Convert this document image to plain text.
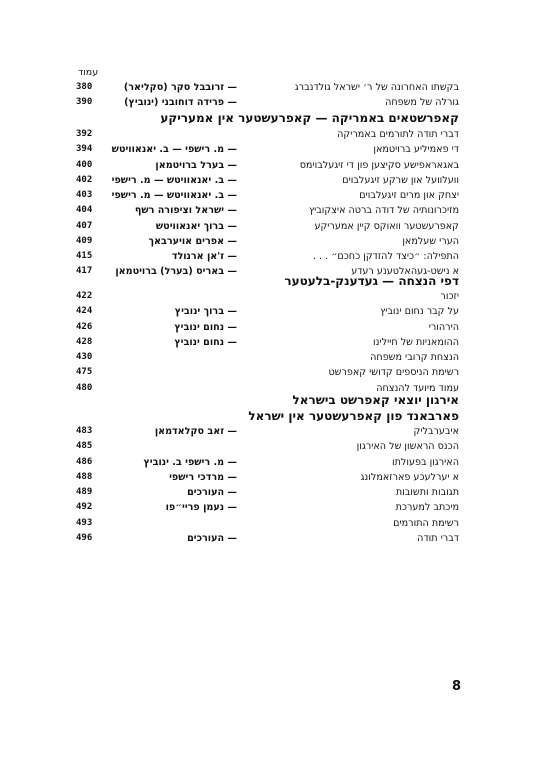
עמוד
בקשתו האחרונה של ר׳ ישראל גולדנברג
— זרובבל סקר (סקליאר)
380
גורלה של משפחה
— פרידה דוחובני (ינוביץ)
390
קאפרשטאים באמריקה — קאפרעשטער אין אמעריקע
דברי תודה לתורמים באמריקה
392
די פאמיליע ברויטמאן
— מ. רישפי — ב. יאנאוויטש
394
באגאראפישע סקיצען פון די זיגעלבוימס
— בערל ברויטמאן
400
וועלוועל און שרקע זיגעלבוים
— ב. יאנאוויטש — מ. רישפי
402
יצחק און מרים זיגעלבוים
— ב. יאנאוויטש — מ. רישפי
403
מזיכרונותיה של דודה ברטה איצקוביץ
— ישראל וציפורה רשף
404
קאפרעשטער וואוקס קיין אמעריקע
— ברוך יאנאוויטש
407
הערי שעלמאן
— אפרים אויערבאך
409
התפילה: ״כיצד להזדקן כחכם״ . . .
— ז'אן ארנולד
415
א נישט-געהאלטענע רעדע
— באריס (בערל) ברויטמאן
417
דפי הנצחה — געדענק-בלעטער
יזכור
422
על קבר נחום ינוביץ
— ברוך ינוביץ
424
הירהורי
— נחום ינוביץ
426
ההומאניות של חיילינו
— נחום ינוביץ
428
הנצחת קרובי משפחה
430
רשימת הניספים קדושי קאפרשט
475
עמוד מיועד להנצחה
480
אירגון יוצאי קאפרשט בישראל
פארבאנד פון קאפרעשטער אין ישראל
איבערבליק
— זאב סקלאדמאן
483
הכנס הראשון של האירגון
485
האירגון בפעולתו
— מ. רישפי ב. ינוביץ
486
א יערלעכע פארזאמלונג
— מרדכי רישפי
488
תגובות ותשובות
— העורכים
489
מיכתב למערכת
— נעמן פריי״פו
492
רשימת התורמים
493
דברי תודה
— העורכים
496
8
